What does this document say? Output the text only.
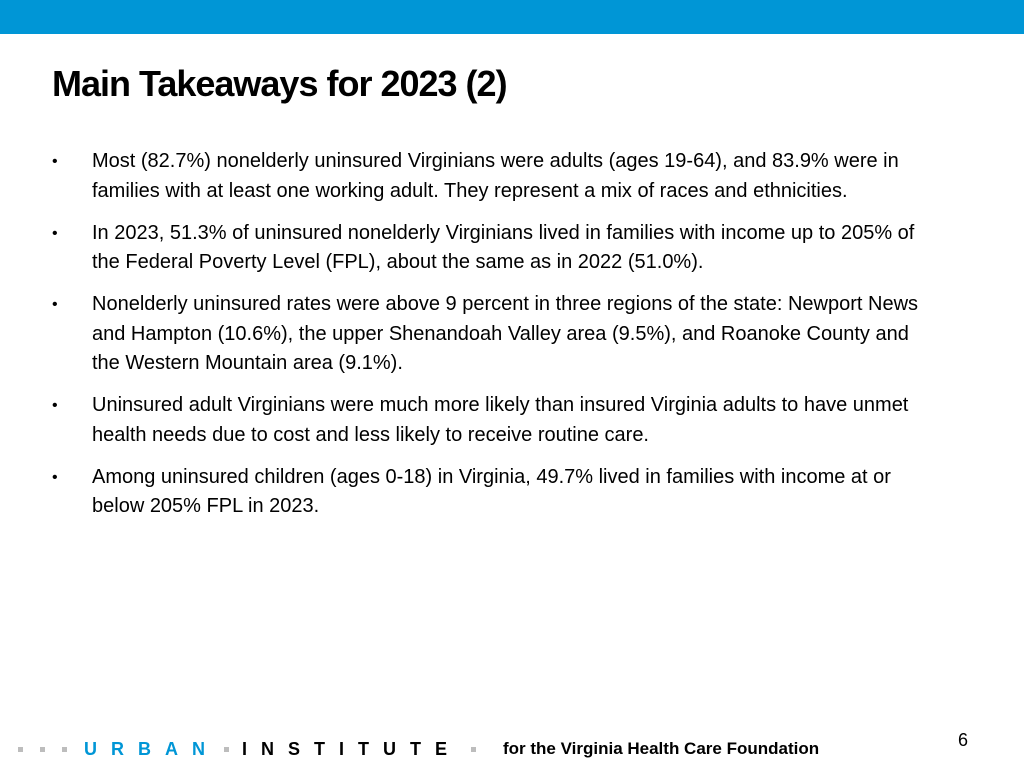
Main Takeaways for 2023 (2)
• Most (82.7%) nonelderly uninsured Virginians were adults (ages 19-64), and 83.9% were in families with at least one working adult. They represent a mix of races and ethnicities.
• In 2023, 51.3% of uninsured nonelderly Virginians lived in families with income up to 205% of the Federal Poverty Level (FPL), about the same as in 2022 (51.0%).
• Nonelderly uninsured rates were above 9 percent in three regions of the state: Newport News and Hampton (10.6%), the upper Shenandoah Valley area (9.5%), and Roanoke County and the Western Mountain area (9.1%).
• Uninsured adult Virginians were much more likely than insured Virginia adults to have unmet health needs due to cost and less likely to receive routine care.
• Among uninsured children (ages 0-18) in Virginia, 49.7% lived in families with income at or below 205% FPL in 2023.
URBAN INSTITUTE for the Virginia Health Care Foundation	6
